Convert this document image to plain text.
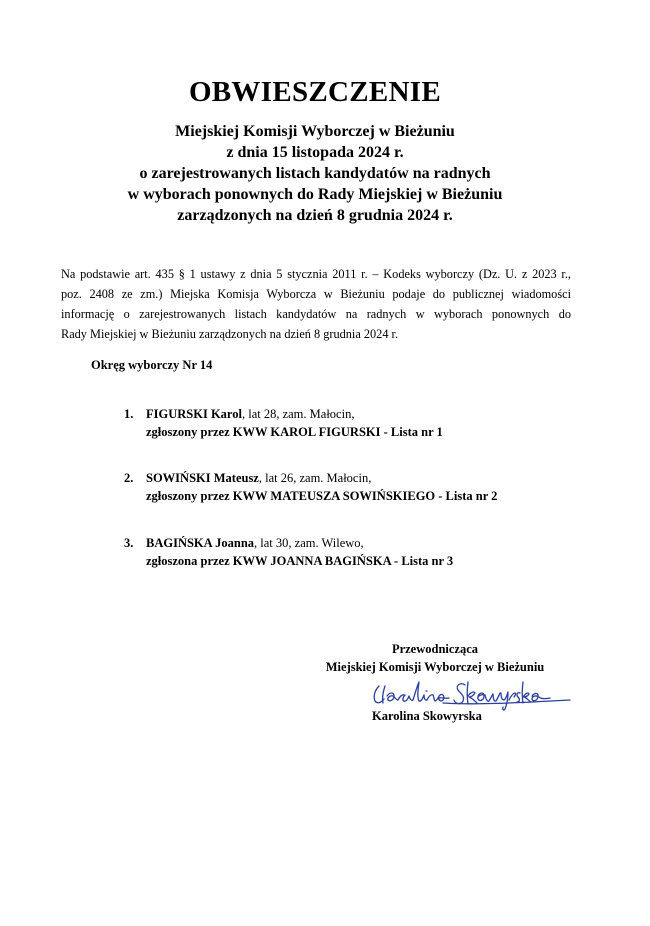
OBWIESZCZENIE
Miejskiej Komisji Wyborczej w Bieżuniu
z dnia 15 listopada 2024 r.
o zarejestrowanych listach kandydatów na radnych
w wyborach ponownych do Rady Miejskiej w Bieżuniu
zarządzonych na dzień 8 grudnia 2024 r.
Na podstawie art. 435 § 1 ustawy z dnia 5 stycznia 2011 r. – Kodeks wyborczy (Dz. U. z 2023 r.,
poz. 2408 ze zm.) Miejska Komisja Wyborcza w Bieżuniu podaje do publicznej wiadomości
informację o zarejestrowanych listach kandydatów na radnych w wyborach ponownych do
Rady Miejskiej w Bieżuniu zarządzonych na dzień 8 grudnia 2024 r.
Okręg wyborczy Nr 14
1. FIGURSKI Karol, lat 28, zam. Małocin,
zgłoszony przez KWW KAROL FIGURSKI - Lista nr 1
2. SOWIŃSKI Mateusz, lat 26, zam. Małocin,
zgłoszony przez KWW MATEUSZA SOWIŃSKIEGO - Lista nr 2
3. BAGIŃSKA Joanna, lat 30, zam. Wilewo,
zgłoszona przez KWW JOANNA BAGIŃSKA - Lista nr 3
Przewodnicząca
Miejskiej Komisji Wyborczej w Bieżuniu
Karolina Skowyrska
